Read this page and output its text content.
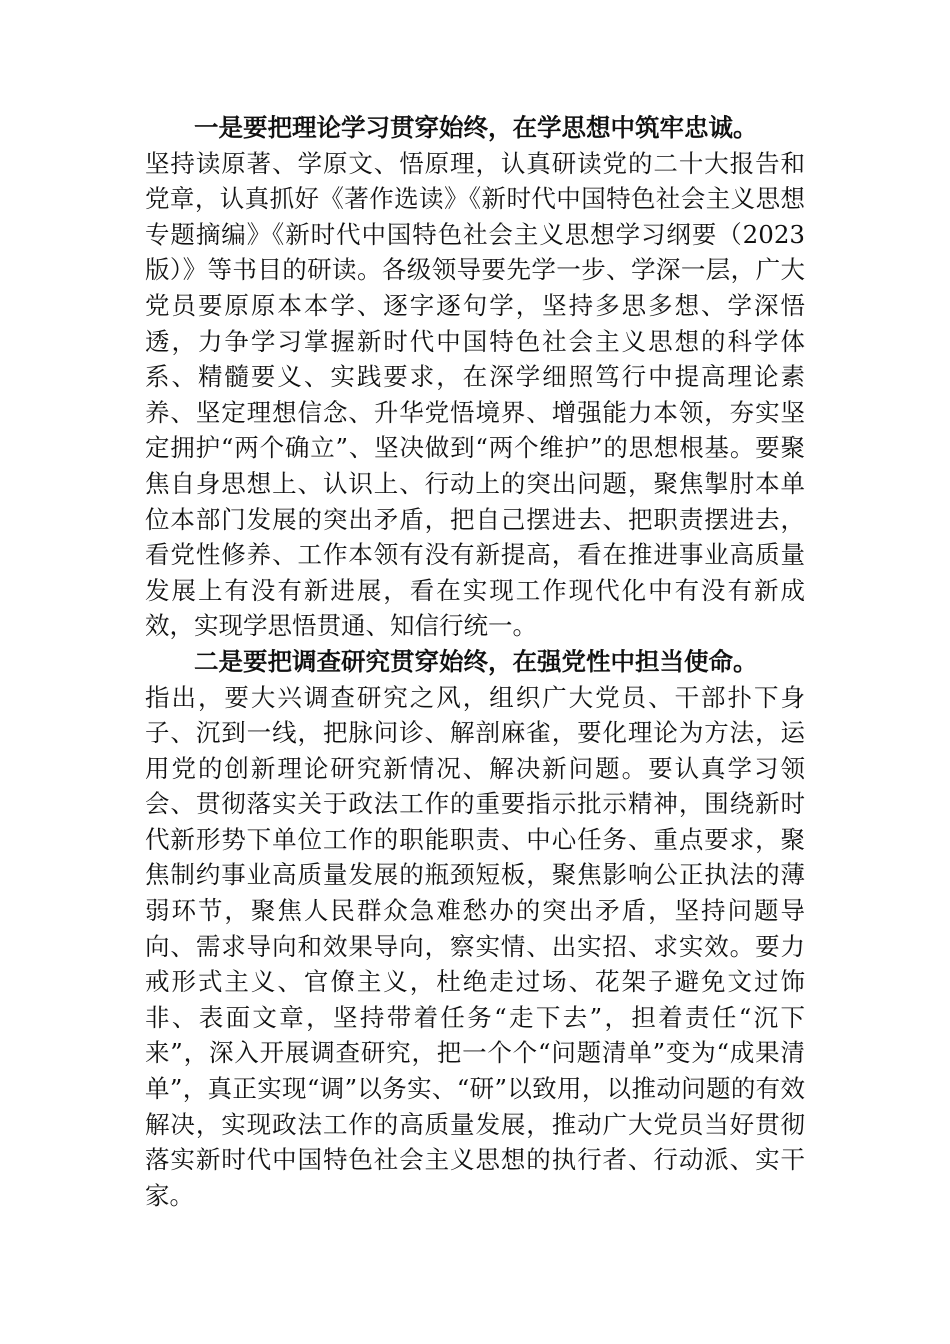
一是要把理论学习贯穿始终，在学思想中筑牢忠诚。
坚持读原著、学原文、悟原理，认真研读党的二十大报告和党章，认真抓好《著作选读》《新时代中国特色社会主义思想专题摘编》《新时代中国特色社会主义思想学习纲要（2023版）》等书目的研读。各级领导要先学一步、学深一层，广大党员要原原本本学、逐字逐句学，坚持多思多想、学深悟透，力争学习掌握新时代中国特色社会主义思想的科学体系、精髓要义、实践要求，在深学细照笃行中提高理论素养、坚定理想信念、升华党悟境界、增强能力本领，夯实坚定拥护“两个确立”、坚决做到“两个维护”的思想根基。要聚焦自身思想上、认识上、行动上的突出问题，聚焦掣肘本单位本部门发展的突出矛盾，把自己摆进去、把职责摆进去，看党性修养、工作本领有没有新提高，看在推进事业高质量发展上有没有新进展，看在实现工作现代化中有没有新成效，实现学思悟贯通、知信行统一。

二是要把调查研究贯穿始终，在强党性中担当使命。
指出，要大兴调查研究之风，组织广大党员、干部扑下身子、沉到一线，把脉问诊、解剖麻雀，要化理论为方法，运用党的创新理论研究新情况、解决新问题。要认真学习领会、贯彻落实关于政法工作的重要指示批示精神，围绕新时代新形势下单位工作的职能职责、中心任务、重点要求，聚焦制约事业高质量发展的瓶颈短板，聚焦影响公正执法的薄弱环节，聚焦人民群众急难愁办的突出矛盾，坚持问题导向、需求导向和效果导向，察实情、出实招、求实效。要力戒形式主义、官僚主义，杜绝走过场、花架子避免文过饰非、表面文章，坚持带着任务“走下去”，担着责任“沉下来”，深入开展调查研究，把一个个“问题清单”变为“成果清单”，真正实现“调”以务实、“研”以致用，以推动问题的有效解决，实现政法工作的高质量发展，推动广大党员当好贯彻落实新时代中国特色社会主义思想的执行者、行动派、实干家。
